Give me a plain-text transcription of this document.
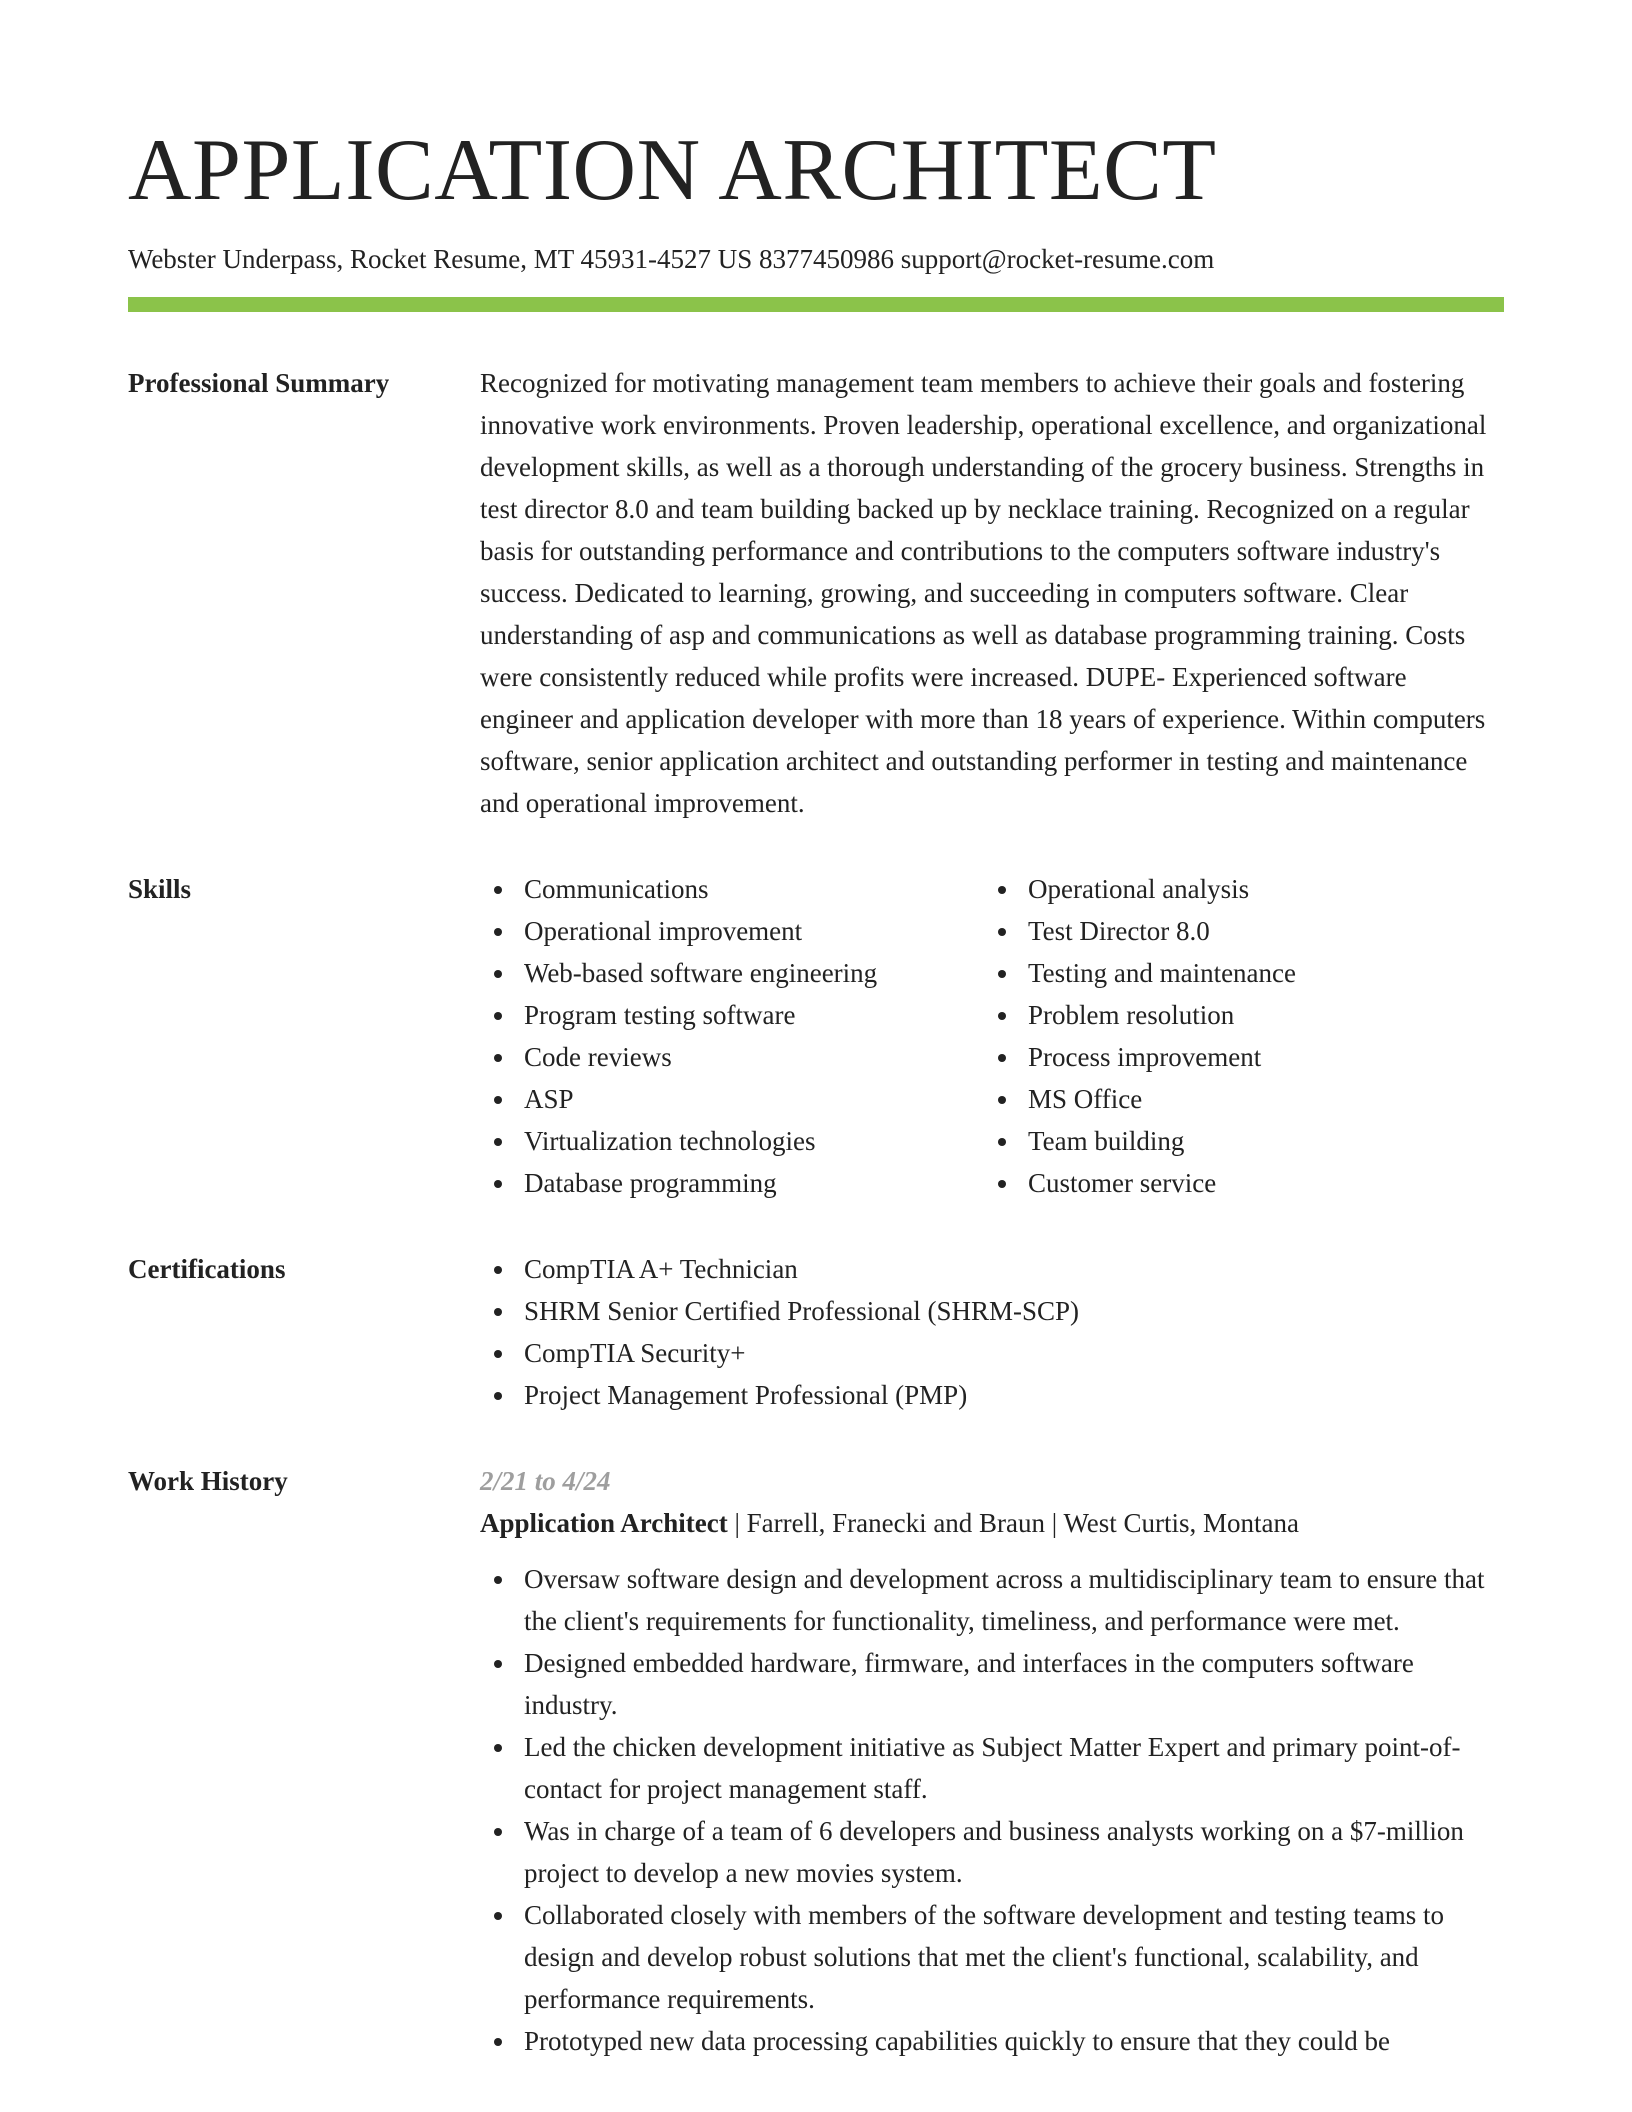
APPLICATION ARCHITECT
Webster Underpass, Rocket Resume, MT 45931-4527 US 8377450986 support@rocket-resume.com
Professional Summary	Recognized for motivating management team members to achieve their goals and fostering innovative work environments. Proven leadership, operational excellence, and organizational development skills, as well as a thorough understanding of the grocery business. Strengths in test director 8.0 and team building backed up by necklace training. Recognized on a regular basis for outstanding performance and contributions to the computers software industry's success. Dedicated to learning, growing, and succeeding in computers software. Clear understanding of asp and communications as well as database programming training. Costs were consistently reduced while profits were increased. DUPE- Experienced software engineer and application developer with more than 18 years of experience. Within computers software, senior application architect and outstanding performer in testing and maintenance and operational improvement.
Skills	Communications
Operational improvement
Web-based software engineering
Program testing software
Code reviews
ASP
Virtualization technologies
Database programming
Operational analysis
Test Director 8.0
Testing and maintenance
Problem resolution
Process improvement
MS Office
Team building
Customer service
Certifications	CompTIA A+ Technician
SHRM Senior Certified Professional (SHRM-SCP)
CompTIA Security+
Project Management Professional (PMP)
Work History	2/21 to 4/24
Application Architect | Farrell, Franecki and Braun | West Curtis, Montana
Oversaw software design and development across a multidisciplinary team to ensure that the client's requirements for functionality, timeliness, and performance were met.
Designed embedded hardware, firmware, and interfaces in the computers software industry.
Led the chicken development initiative as Subject Matter Expert and primary point-of-contact for project management staff.
Was in charge of a team of 6 developers and business analysts working on a $7-million project to develop a new movies system.
Collaborated closely with members of the software development and testing teams to design and develop robust solutions that met the client's functional, scalability, and performance requirements.
Prototyped new data processing capabilities quickly to ensure that they could be
